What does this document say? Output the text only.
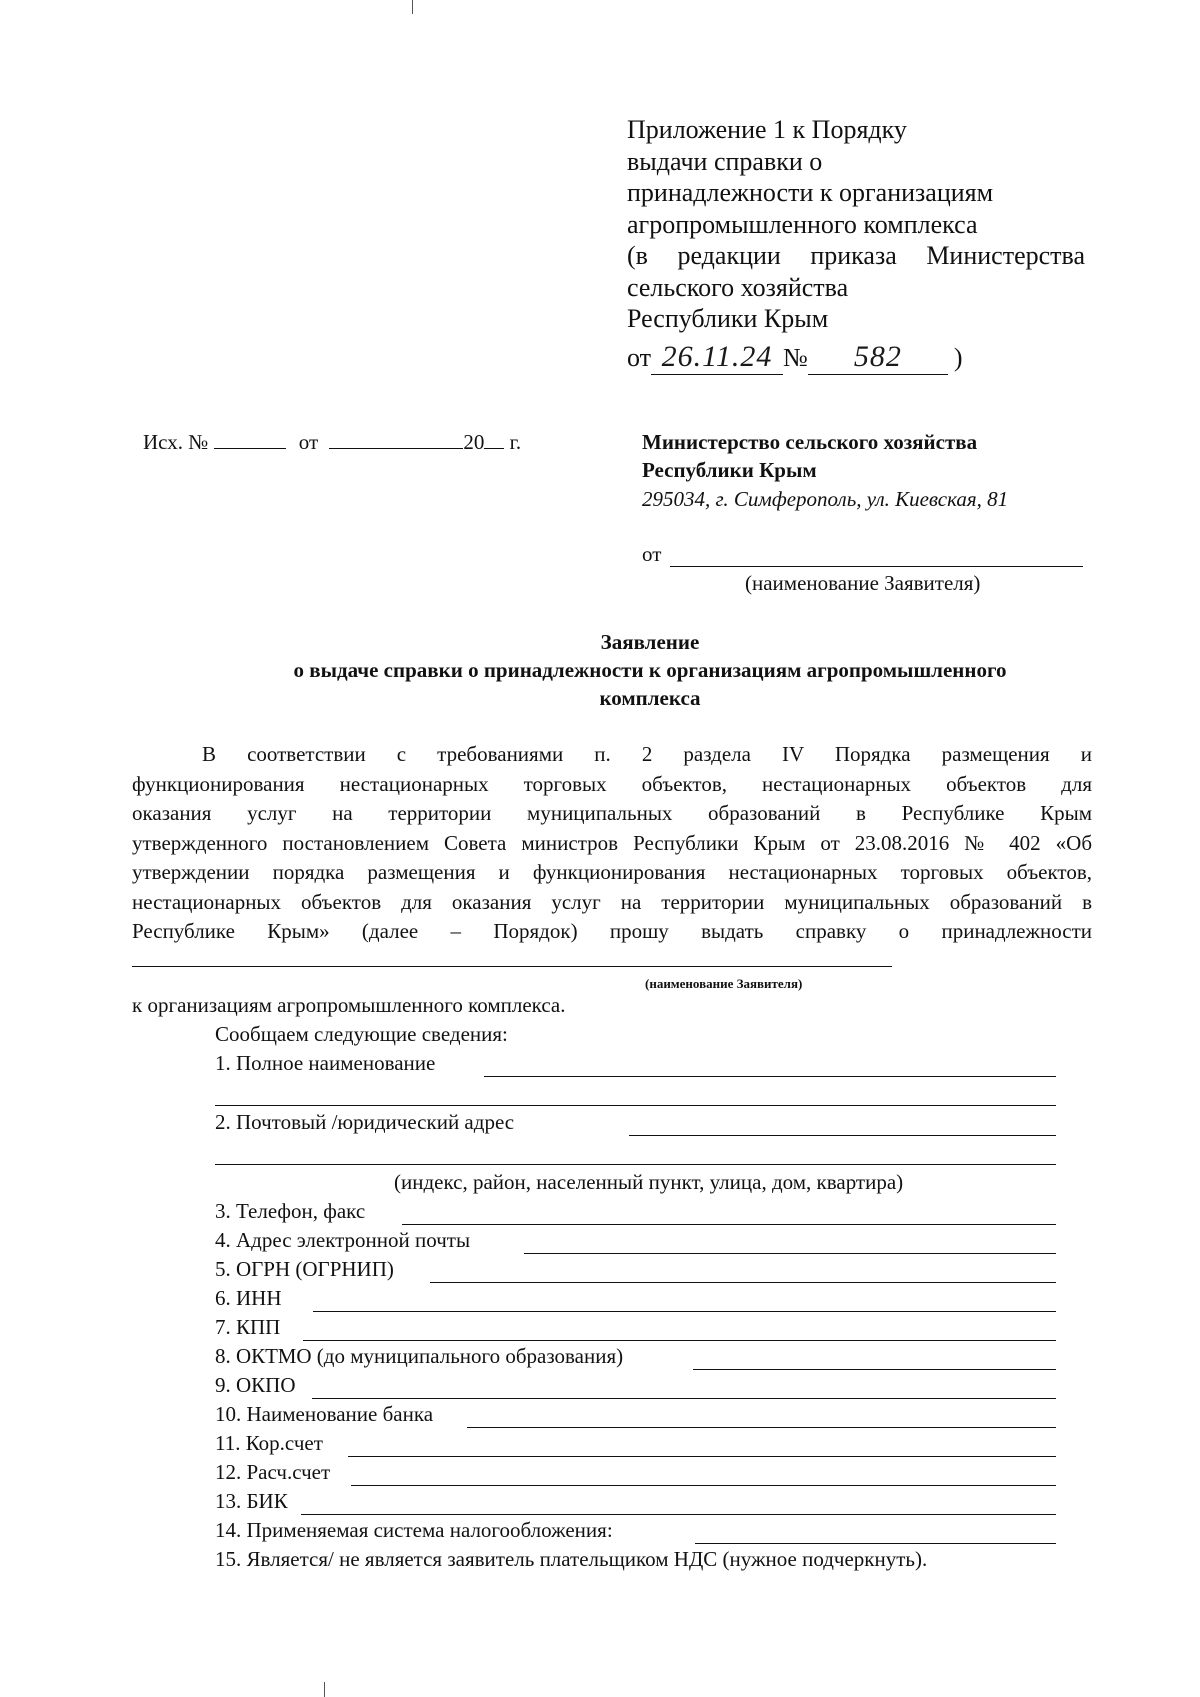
Приложение 1 к Порядку
выдачи справки о
принадлежности к организациям
агропромышленного комплекса
(в редакции приказа Министерства
сельского хозяйства
Республики Крым
от 26.11.24 № 582 )
Исх. №	от	20 г.	Министерство сельского хозяйства
Республики Крым
295034, г. Симферополь, ул. Киевская, 81
от
(наименование Заявителя)
Заявление
о выдаче справки о принадлежности к организациям агропромышленного
комплекса
В соответствии с требованиями п. 2 раздела IV Порядка размещения и
функционирования нестационарных торговых объектов, нестационарных объектов для
оказания услуг на территории муниципальных образований в Республике Крым
утвержденного постановлением Совета министров Республики Крым от 23.08.2016 № 402 «Об
утверждении порядка размещения и функционирования нестационарных торговых объектов,
нестационарных объектов для оказания услуг на территории муниципальных образований в
Республике Крым» (далее – Порядок) прошу выдать справку о принадлежности
(наименование Заявителя)
к организациям агропромышленного комплекса.
Сообщаем следующие сведения:
1. Полное наименование
2. Почтовый /юридический адрес
(индекс, район, населенный пункт, улица, дом, квартира)
3. Телефон, факс
4. Адрес электронной почты
5. ОГРН (ОГРНИП)
6. ИНН
7. КПП
8. ОКТМО (до муниципального образования)
9. ОКПО
10. Наименование банка
11. Кор.счет
12. Расч.счет
13. БИК
14. Применяемая система налогообложения:
15. Является/ не является заявитель плательщиком НДС (нужное подчеркнуть).
